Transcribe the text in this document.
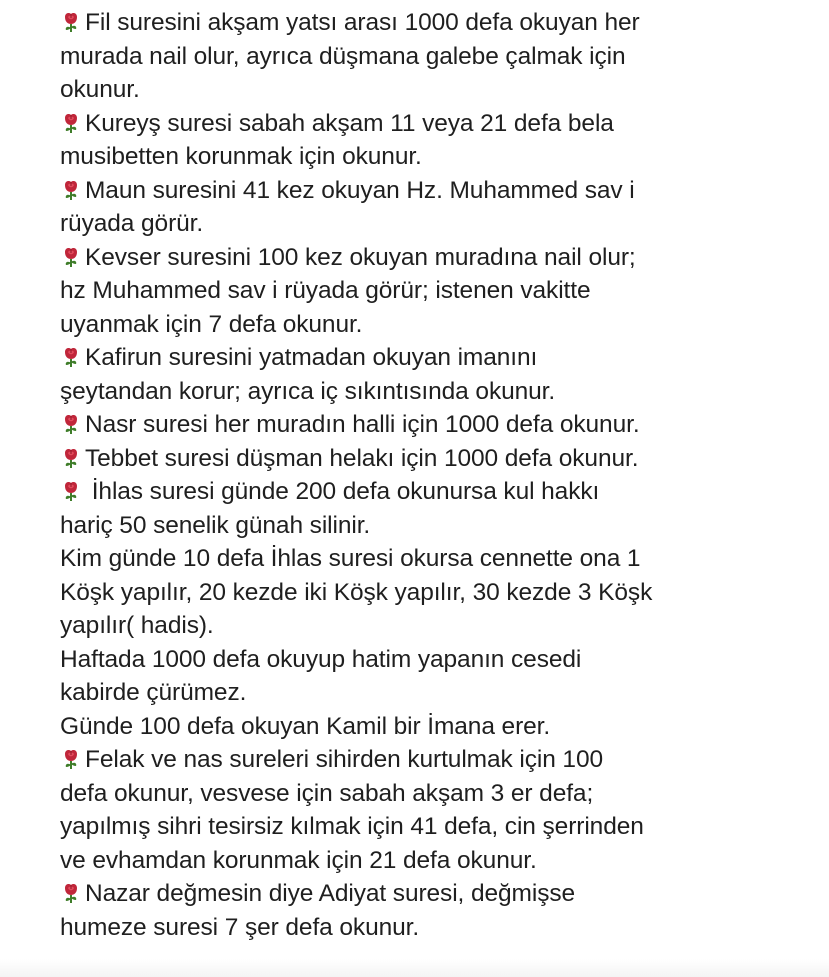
Fil suresini akşam yatsı arası 1000 defa okuyan her
murada nail olur, ayrıca düşmana galebe çalmak için
okunur.
Kureyş suresi sabah akşam 11 veya 21 defa bela
musibetten korunmak için okunur.
Maun suresini 41 kez okuyan Hz. Muhammed sav i
rüyada görür.
Kevser suresini 100 kez okuyan muradına nail olur;
hz Muhammed sav i rüyada görür; istenen vakitte
uyanmak için 7 defa okunur.
Kafirun suresini yatmadan okuyan imanını
şeytandan korur; ayrıca iç sıkıntısında okunur.
Nasr suresi her muradın halli için 1000 defa okunur.
Tebbet suresi düşman helakı için 1000 defa okunur.
İhlas suresi günde 200 defa okunursa kul hakkı
hariç 50 senelik günah silinir.
Kim günde 10 defa İhlas suresi okursa cennette ona 1
Köşk yapılır, 20 kezde iki Köşk yapılır, 30 kezde 3 Köşk
yapılır( hadis).
Haftada 1000 defa okuyup hatim yapanın cesedi
kabirde çürümez.
Günde 100 defa okuyan Kamil bir İmana erer.
Felak ve nas sureleri sihirden kurtulmak için 100
defa okunur, vesvese için sabah akşam 3 er defa;
yapılmış sihri tesirsiz kılmak için 41 defa, cin şerrinden
ve evhamdan korunmak için 21 defa okunur.
Nazar değmesin diye Adiyat suresi, değmişse
humeze suresi 7 şer defa okunur.
